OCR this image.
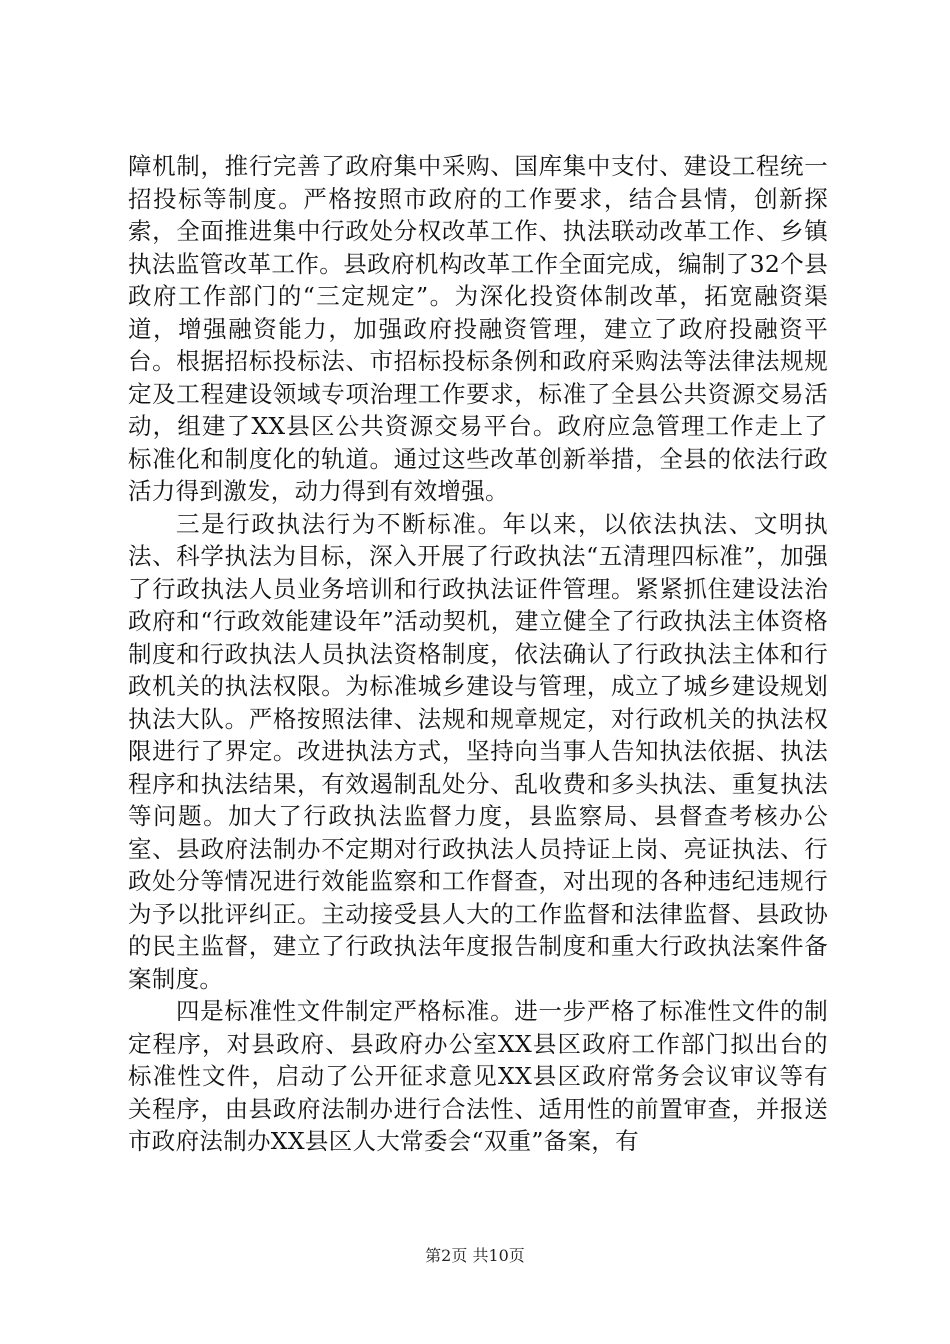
障机制，推行完善了政府集中采购、国库集中支付、建设工程统一招投标等制度。严格按照市政府的工作要求，结合县情，创新探索，全面推进集中行政处分权改革工作、执法联动改革工作、乡镇执法监管改革工作。县政府机构改革工作全面完成，编制了32个县政府工作部门的“三定规定”。为深化投资体制改革，拓宽融资渠道，增强融资能力，加强政府投融资管理，建立了政府投融资平台。根据招标投标法、市招标投标条例和政府采购法等法律法规规定及工程建设领域专项治理工作要求，标准了全县公共资源交易活动，组建了XX县区公共资源交易平台。政府应急管理工作走上了标准化和制度化的轨道。通过这些改革创新举措，全县的依法行政活力得到激发，动力得到有效增强。

三是行政执法行为不断标准。年以来，以依法执法、文明执法、科学执法为目标，深入开展了行政执法“五清理四标准”，加强了行政执法人员业务培训和行政执法证件管理。紧紧抓住建设法治政府和“行政效能建设年”活动契机，建立健全了行政执法主体资格制度和行政执法人员执法资格制度，依法确认了行政执法主体和行政机关的执法权限。为标准城乡建设与管理，成立了城乡建设规划执法大队。严格按照法律、法规和规章规定，对行政机关的执法权限进行了界定。改进执法方式，坚持向当事人告知执法依据、执法程序和执法结果，有效遏制乱处分、乱收费和多头执法、重复执法等问题。加大了行政执法监督力度，县监察局、县督查考核办公室、县政府法制办不定期对行政执法人员持证上岗、亮证执法、行政处分等情况进行效能监察和工作督查，对出现的各种违纪违规行为予以批评纠正。主动接受县人大的工作监督和法律监督、县政协的民主监督，建立了行政执法年度报告制度和重大行政执法案件备案制度。

四是标准性文件制定严格标准。进一步严格了标准性文件的制定程序，对县政府、县政府办公室XX县区政府工作部门拟出台的标准性文件，启动了公开征求意见XX县区政府常务会议审议等有关程序，由县政府法制办进行合法性、适用性的前置审查，并报送市政府法制办XX县区人大常委会“双重”备案，有

第2页 共10页
